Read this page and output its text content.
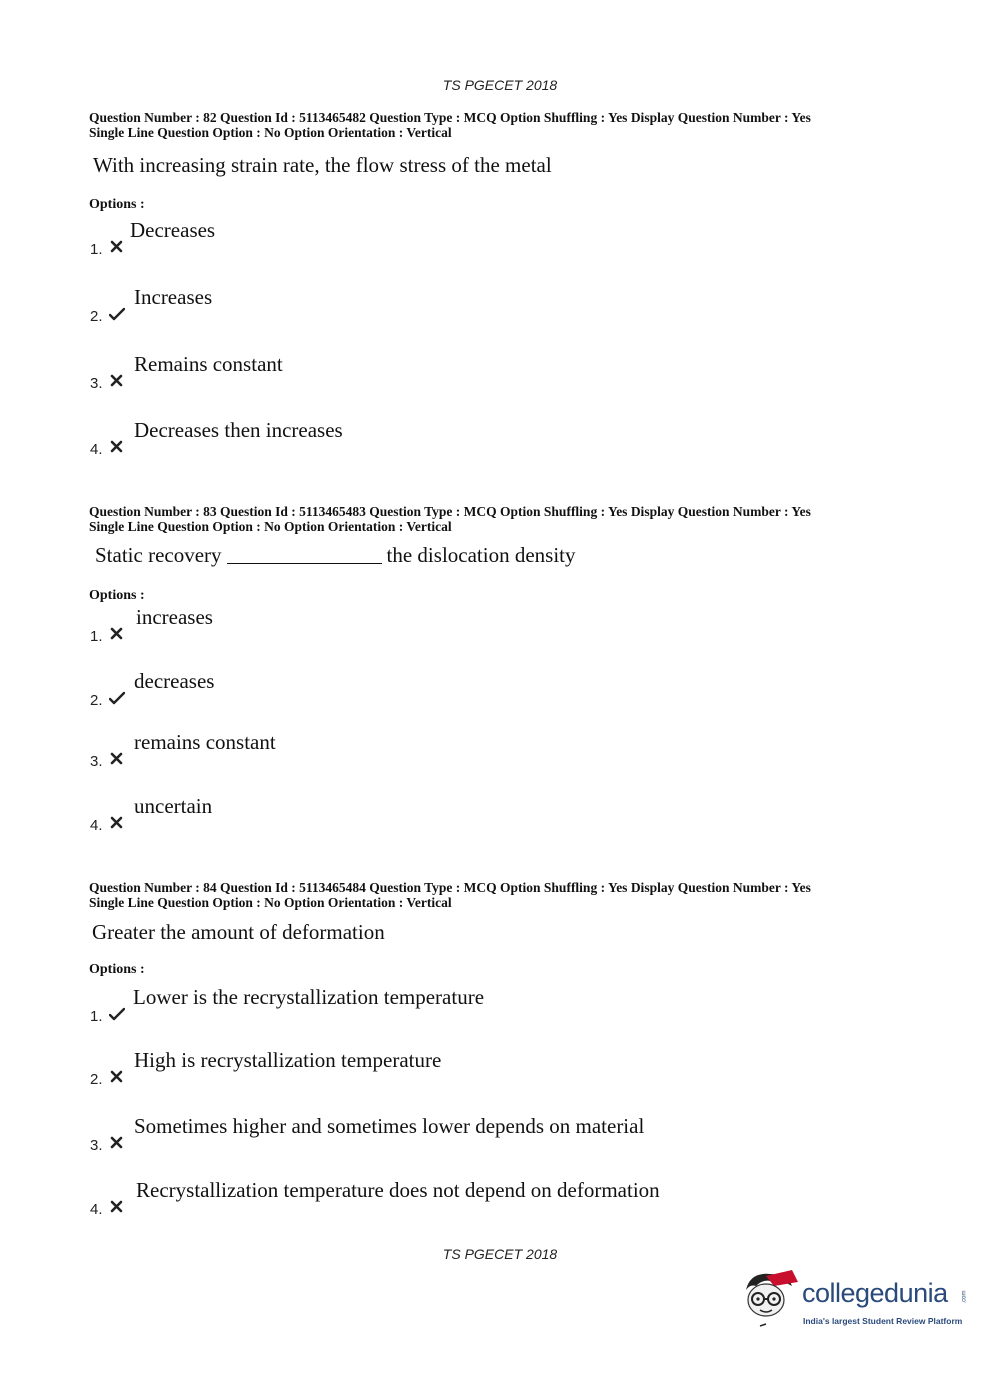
TS PGECET 2018
Question Number : 82 Question Id : 5113465482 Question Type : MCQ Option Shuffling : Yes Display Question Number : Yes
Single Line Question Option : No Option Orientation : Vertical
With increasing strain rate, the flow stress of the metal
Options :
1.
Decreases
2.
Increases
3.
Remains constant
4.
Decreases then increases
Question Number : 83 Question Id : 5113465483 Question Type : MCQ Option Shuffling : Yes Display Question Number : Yes
Single Line Question Option : No Option Orientation : Vertical
Static recovery	the dislocation density
Options :
1.
increases
2.
decreases
3.
remains constant
4.
uncertain
Question Number : 84 Question Id : 5113465484 Question Type : MCQ Option Shuffling : Yes Display Question Number : Yes
Single Line Question Option : No Option Orientation : Vertical
Greater the amount of deformation
Options :
1.
Lower is the recrystallization temperature
2.
High is recrystallization temperature
3.
Sometimes higher and sometimes lower depends on material
4.
Recrystallization temperature does not depend on deformation
TS PGECET 2018
collegedunia .com
India's largest Student Review Platform
